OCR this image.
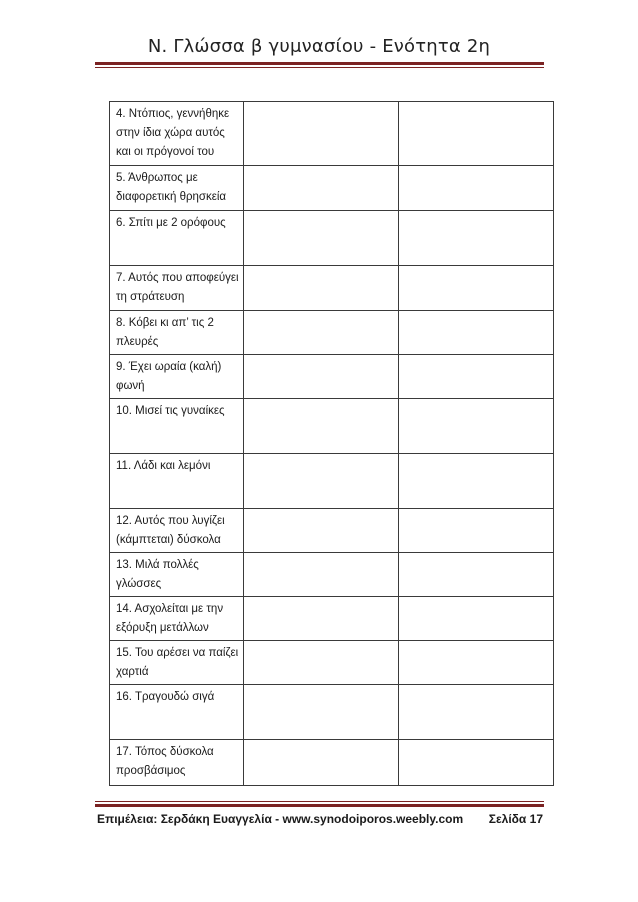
Ν. Γλώσσα β γυμνασίου - Ενότητα 2η
4. Ντόπιος, γεννήθηκε στην ίδια χώρα αυτός και οι πρόγονοί του		
5. Άνθρωπος με διαφορετική θρησκεία		
6. Σπίτι με 2 ορόφους		
7. Αυτός που αποφεύγει τη στράτευση		
8. Κόβει κι απ’ τις 2 πλευρές		
9. Έχει ωραία (καλή) φωνή		
10. Μισεί τις γυναίκες		
11. Λάδι και λεμόνι		
12. Αυτός που λυγίζει (κάμπτεται) δύσκολα		
13. Μιλά πολλές γλώσσες		
14. Ασχολείται με την εξόρυξη μετάλλων		
15. Του αρέσει να παίζει χαρτιά		
16. Τραγουδώ σιγά		
17. Τόπος δύσκολα προσβάσιμος		
Επιμέλεια: Σερδάκη Ευαγγελία - www.synodoiporos.weebly.com Σελίδα 17
